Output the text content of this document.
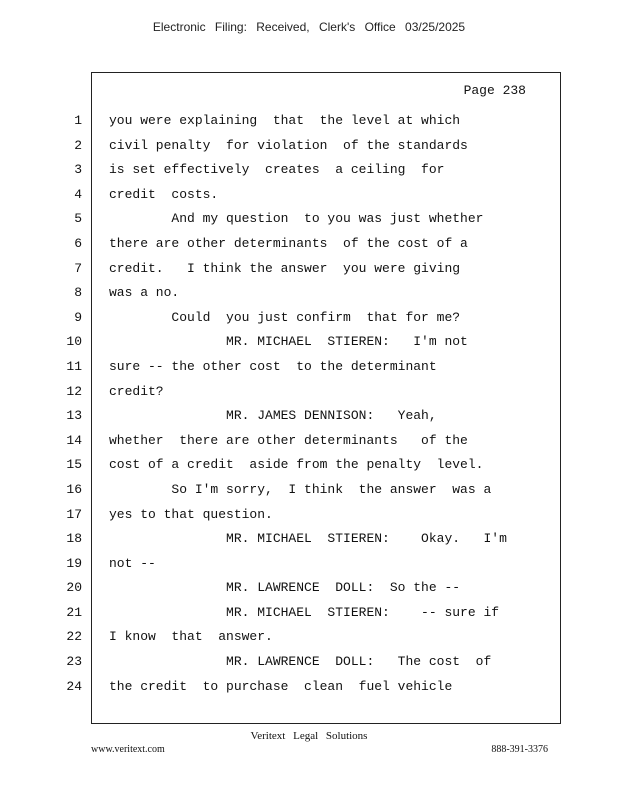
Electronic Filing: Received, Clerk's Office 03/25/2025
Page 238
1
2
3
4
5
6
7
8
9
10
11
12
13
14
15
16
17
18
19
20
21
22
23
24
you were explaining  that  the level at which
civil penalty  for violation  of the standards
is set effectively  creates  a ceiling  for
credit  costs.
And my question  to you was just whether
there are other determinants  of the cost of a
credit.   I think the answer  you were giving
was a no.
Could  you just confirm  that for me?
MR. MICHAEL  STIEREN:   I'm not
sure -- the other cost  to the determinant
credit?
MR. JAMES DENNISON:   Yeah,
whether  there are other determinants   of the
cost of a credit  aside from the penalty  level.
So I'm sorry,  I think  the answer  was a
yes to that question.
MR. MICHAEL  STIEREN:    Okay.   I'm
not --
MR. LAWRENCE  DOLL:  So the --
MR. MICHAEL  STIEREN:    -- sure if
I know  that  answer.
MR. LAWRENCE  DOLL:   The cost  of
the credit  to purchase  clean  fuel vehicle
Veritext Legal Solutions
www.veritext.com	888-391-3376
